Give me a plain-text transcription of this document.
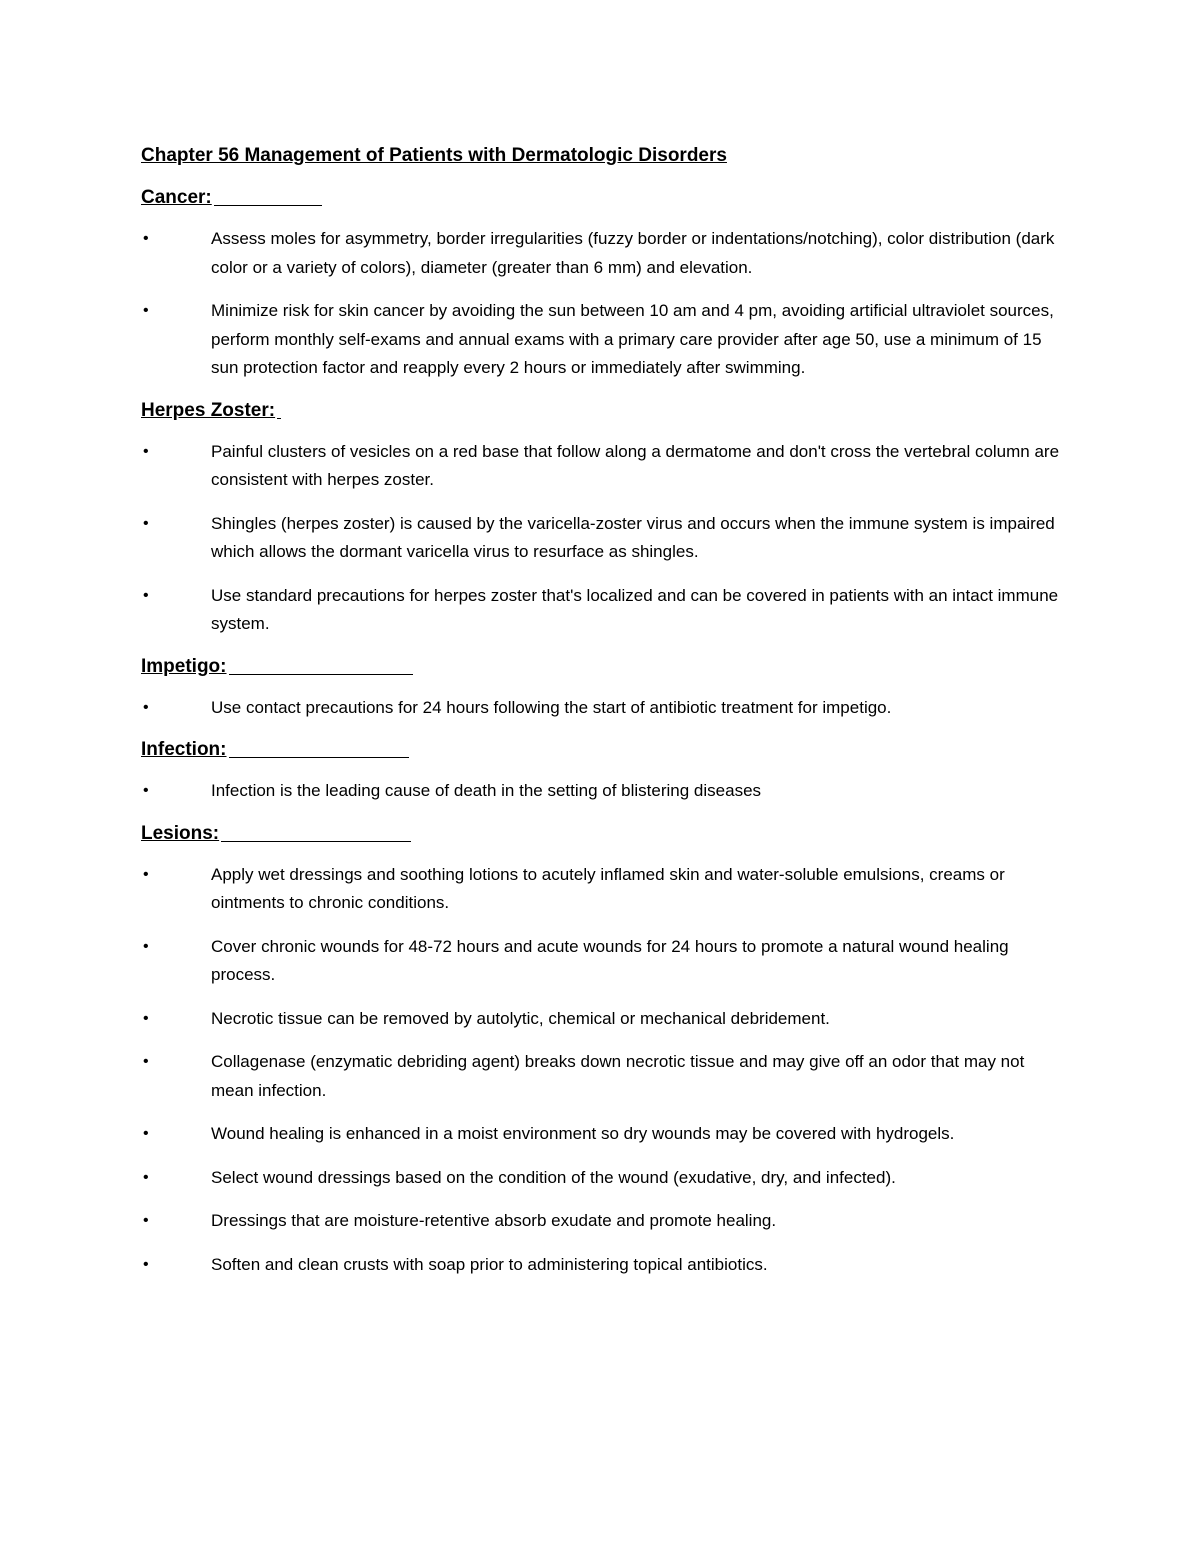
Chapter 56 Management of Patients with Dermatologic Disorders
Cancer:
•	Assess moles for asymmetry, border irregularities (fuzzy border or indentations/notching), color distribution (dark color or a variety of colors), diameter (greater than 6 mm) and elevation.
•	Minimize risk for skin cancer by avoiding the sun between 10 am and 4 pm, avoiding artificial ultraviolet sources, perform monthly self-exams and annual exams with a primary care provider after age 50, use a minimum of 15 sun protection factor and reapply every 2 hours or immediately after swimming.
Herpes Zoster:
•	Painful clusters of vesicles on a red base that follow along a dermatome and don't cross the vertebral column are consistent with herpes zoster.
•	Shingles (herpes zoster) is caused by the varicella-zoster virus and occurs when the immune system is impaired which allows the dormant varicella virus to resurface as shingles.
•	Use standard precautions for herpes zoster that's localized and can be covered in patients with an intact immune system.
Impetigo:
•	Use contact precautions for 24 hours following the start of antibiotic treatment for impetigo.
Infection:
•	Infection is the leading cause of death in the setting of blistering diseases
Lesions:
•	Apply wet dressings and soothing lotions to acutely inflamed skin and water-soluble emulsions, creams or ointments to chronic conditions.
•	Cover chronic wounds for 48-72 hours and acute wounds for 24 hours to promote a natural wound healing process.
•	Necrotic tissue can be removed by autolytic, chemical or mechanical debridement.
•	Collagenase (enzymatic debriding agent) breaks down necrotic tissue and may give off an odor that may not mean infection.
•	Wound healing is enhanced in a moist environment so dry wounds may be covered with hydrogels.
•	Select wound dressings based on the condition of the wound (exudative, dry, and infected).
•	Dressings that are moisture-retentive absorb exudate and promote healing.
•	Soften and clean crusts with soap prior to administering topical antibiotics.
